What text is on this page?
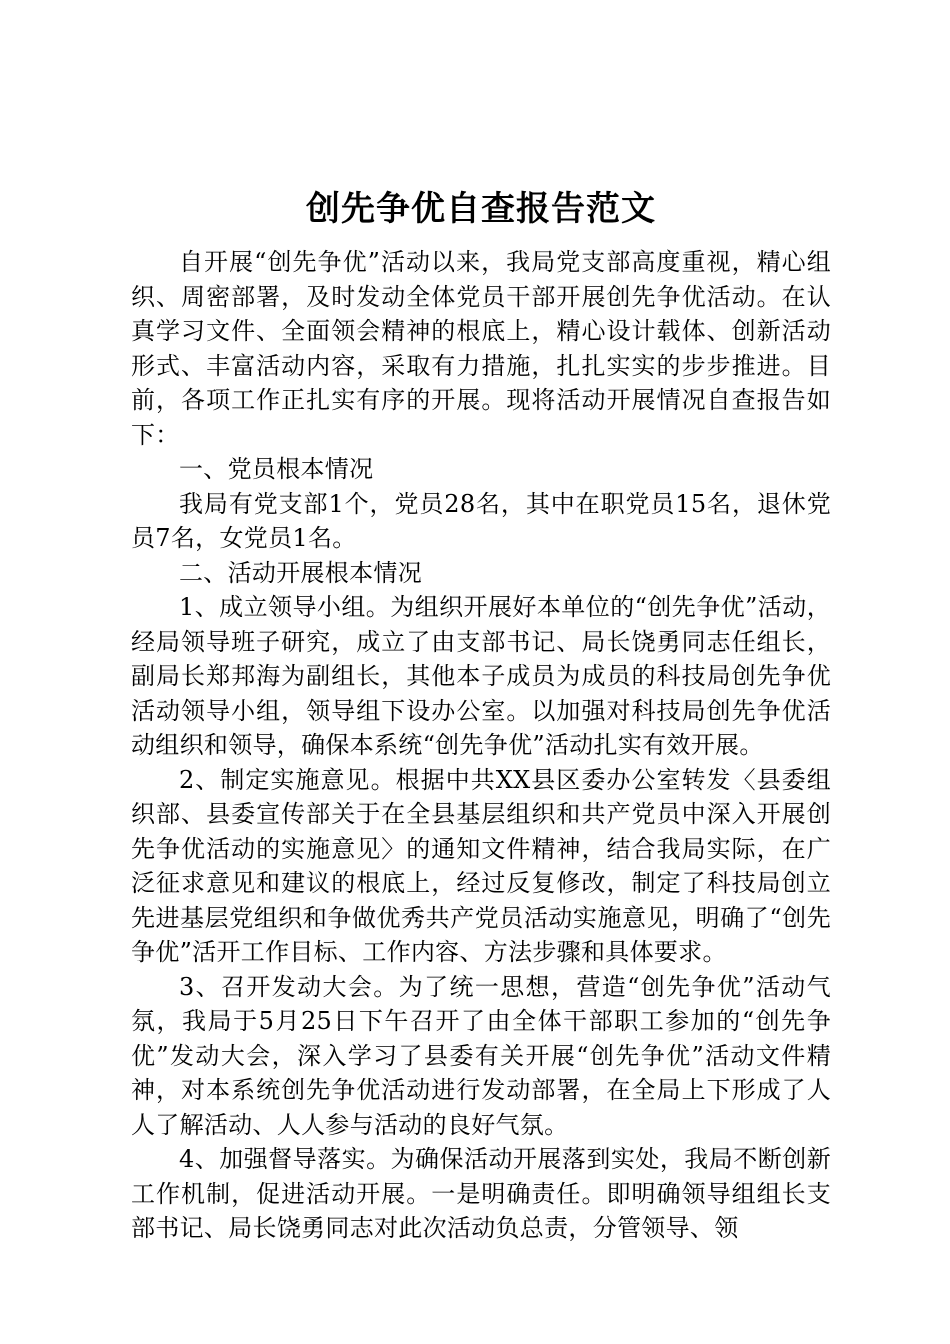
创先争优自查报告范文

自开展“创先争优”活动以来，我局党支部高度重视，精心组织、周密部署，及时发动全体党员干部开展创先争优活动。在认真学习文件、全面领会精神的根底上，精心设计载体、创新活动形式、丰富活动内容，采取有力措施，扎扎实实的步步推进。目前，各项工作正扎实有序的开展。现将活动开展情况自查报告如下：

一、党员根本情况

我局有党支部1个，党员28名，其中在职党员15名，退休党员7名，女党员1名。

二、活动开展根本情况

1、成立领导小组。为组织开展好本单位的“创先争优”活动，经局领导班子研究，成立了由支部书记、局长饶勇同志任组长，副局长郑邦海为副组长，其他本子成员为成员的科技局创先争优活动领导小组，领导组下设办公室。以加强对科技局创先争优活动组织和领导，确保本系统“创先争优”活动扎实有效开展。

2、制定实施意见。根据中共XX县区委办公室转发〈县委组织部、县委宣传部关于在全县基层组织和共产党员中深入开展创先争优活动的实施意见〉的通知文件精神，结合我局实际，在广泛征求意见和建议的根底上，经过反复修改，制定了科技局创立先进基层党组织和争做优秀共产党员活动实施意见，明确了“创先争优”活开工作目标、工作内容、方法步骤和具体要求。

3、召开发动大会。为了统一思想，营造“创先争优”活动气氛，我局于5月25日下午召开了由全体干部职工参加的“创先争优”发动大会，深入学习了县委有关开展“创先争优”活动文件精神，对本系统创先争优活动进行发动部署，在全局上下形成了人人了解活动、人人参与活动的良好气氛。

4、加强督导落实。为确保活动开展落到实处，我局不断创新工作机制，促进活动开展。一是明确责任。即明确领导组组长支部书记、局长饶勇同志对此次活动负总责，分管领导、领
